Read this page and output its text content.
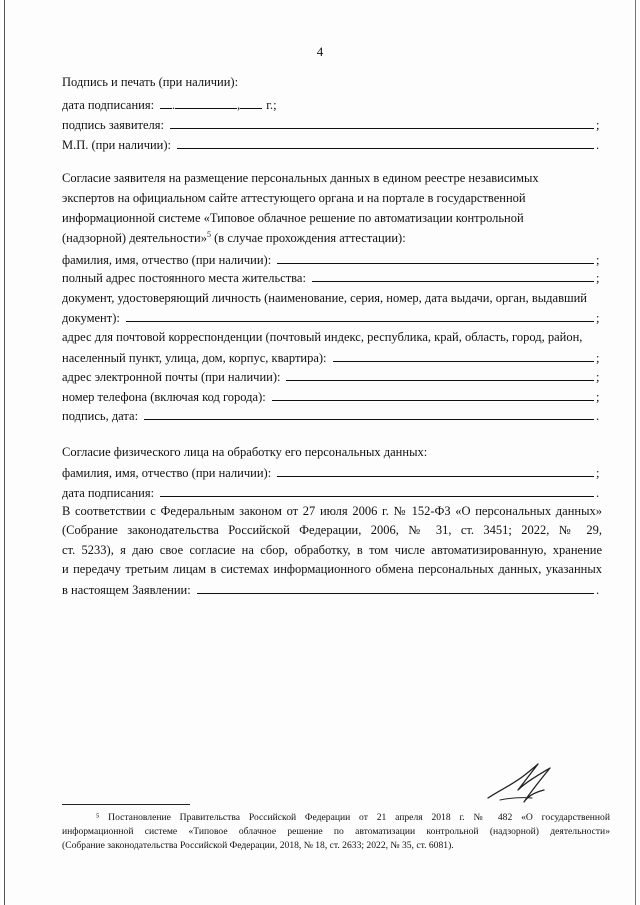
4
Подпись и печать (при наличии):
дата подписания: .	, г.;
подпись заявителя:	;
М.П. (при наличии):	.
Согласие заявителя на размещение персональных данных в едином реестре независимых
экспертов на официальном сайте аттестующего органа и на портале в государственной
информационной системе «Типовое облачное решение по автоматизации контрольной
(надзорной) деятельности»$^5$ (в случае прохождения аттестации):
фамилия, имя, отчество (при наличии):	;
полный адрес постоянного места жительства:	;
документ, удостоверяющий личность (наименование, серия, номер, дата выдачи, орган, выдавший
документ):	;
адрес для почтовой корреспонденции (почтовый индекс, республика, край, область, город, район,
населенный пункт, улица, дом, корпус, квартира):	;
адрес электронной почты (при наличии):	;
номер телефона (включая код города):	;
подпись, дата:	.
Согласие физического лица на обработку его персональных данных:
фамилия, имя, отчество (при наличии):	;
дата подписания:	.
В соответствии с Федеральным законом от 27 июля 2006 г. № 152-ФЗ «О персональных данных»
(Собрание законодательства Российской Федерации, 2006, № 31, ст. 3451; 2022, № 29,
ст. 5233), я даю свое согласие на сбор, обработку, в том числе автоматизированную, хранение
и передачу третьим лицам в системах информационного обмена персональных данных, указанных
в настоящем Заявлении:	.
⁵ Постановление Правительства Российской Федерации от 21 апреля 2018 г. № 482 «О государственной
информационной системе «Типовое облачное решение по автоматизации контрольной (надзорной) деятельности»
(Собрание законодательства Российской Федерации, 2018, № 18, ст. 2633; 2022, № 35, ст. 6081).
